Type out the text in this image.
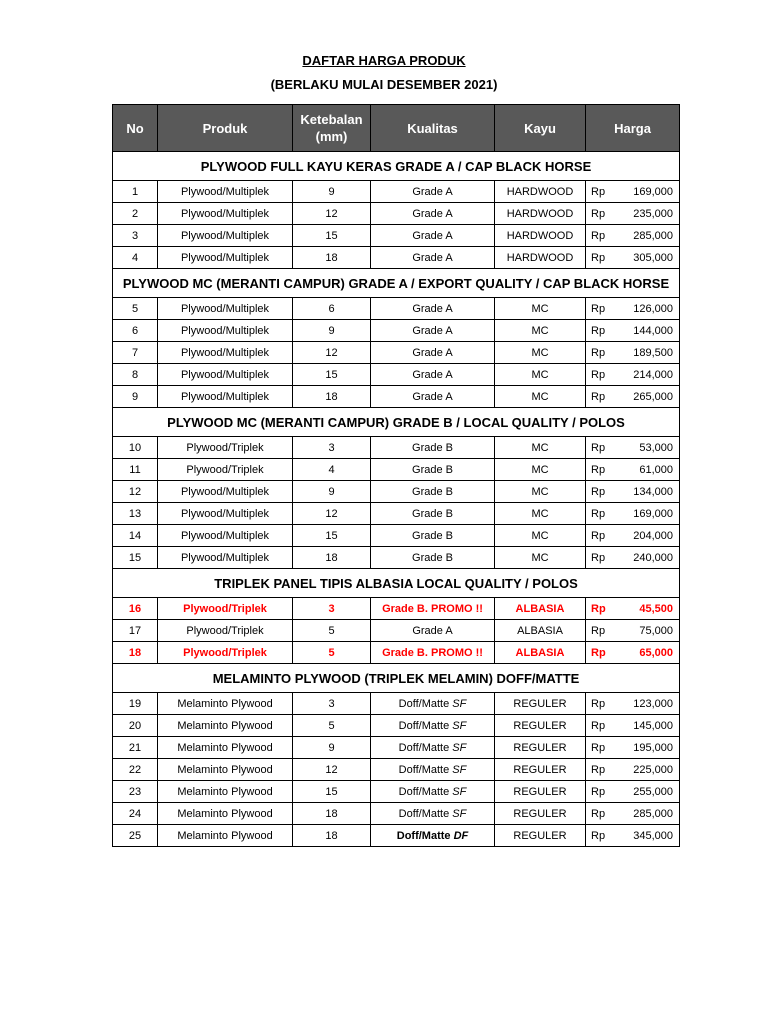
DAFTAR HARGA PRODUK
(BERLAKU MULAI DESEMBER 2021)
No	Produk	Ketebalan
(mm)	Kualitas	Kayu	Harga	
PLYWOOD FULL KAYU KERAS GRADE A / CAP BLACK HORSE						
1	Plywood/Multiplek	9	Grade A	HARDWOOD	Rp	169,000
2	Plywood/Multiplek	12	Grade A	HARDWOOD	Rp	235,000
3	Plywood/Multiplek	15	Grade A	HARDWOOD	Rp	285,000
4	Plywood/Multiplek	18	Grade A	HARDWOOD	Rp	305,000
PLYWOOD MC (MERANTI CAMPUR) GRADE A / EXPORT QUALITY / CAP BLACK HORSE						
5	Plywood/Multiplek	6	Grade A	MC	Rp	126,000
6	Plywood/Multiplek	9	Grade A	MC	Rp	144,000
7	Plywood/Multiplek	12	Grade A	MC	Rp	189,500
8	Plywood/Multiplek	15	Grade A	MC	Rp	214,000
9	Plywood/Multiplek	18	Grade A	MC	Rp	265,000
PLYWOOD MC (MERANTI CAMPUR) GRADE B / LOCAL QUALITY / POLOS						
10	Plywood/Triplek	3	Grade B	MC	Rp	53,000
11	Plywood/Triplek	4	Grade B	MC	Rp	61,000
12	Plywood/Multiplek	9	Grade B	MC	Rp	134,000
13	Plywood/Multiplek	12	Grade B	MC	Rp	169,000
14	Plywood/Multiplek	15	Grade B	MC	Rp	204,000
15	Plywood/Multiplek	18	Grade B	MC	Rp	240,000
TRIPLEK PANEL TIPIS ALBASIA LOCAL QUALITY / POLOS						
16	Plywood/Triplek	3	Grade B. PROMO !!	ALBASIA	Rp	45,500
17	Plywood/Triplek	5	Grade A	ALBASIA	Rp	75,000
18	Plywood/Triplek	5	Grade B. PROMO !!	ALBASIA	Rp	65,000
MELAMINTO PLYWOOD (TRIPLEK MELAMIN) DOFF/MATTE						
19	Melaminto Plywood	3	Doff/Matte SF	REGULER	Rp	123,000
20	Melaminto Plywood	5	Doff/Matte SF	REGULER	Rp	145,000
21	Melaminto Plywood	9	Doff/Matte SF	REGULER	Rp	195,000
22	Melaminto Plywood	12	Doff/Matte SF	REGULER	Rp	225,000
23	Melaminto Plywood	15	Doff/Matte SF	REGULER	Rp	255,000
24	Melaminto Plywood	18	Doff/Matte SF	REGULER	Rp	285,000
25	Melaminto Plywood	18	Doff/Matte DF	REGULER	Rp	345,000
